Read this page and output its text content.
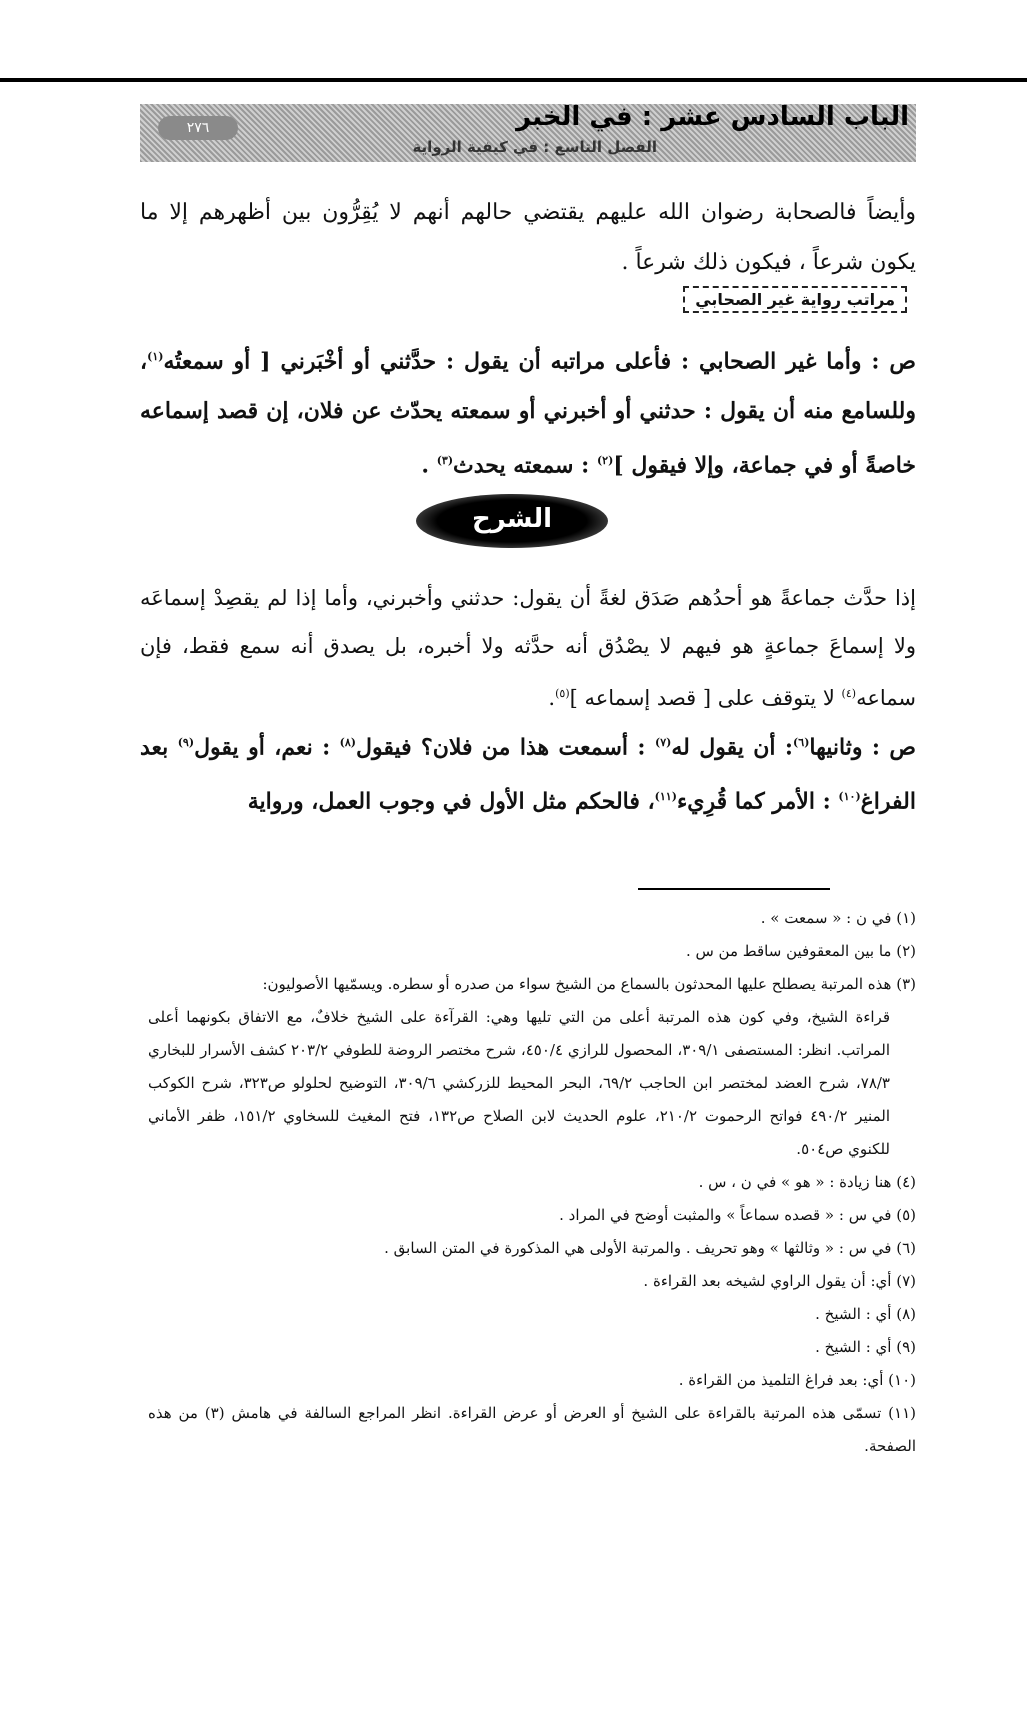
٢٧٦	الباب السادس عشر : في الخبر
الفصل التاسع : في كيفية الرواية
وأيضاً فالصحابة رضوان الله عليهم يقتضي حالهم أنهم لا يُقِرُّون بين أظهرهم إلا ما يكون شرعاً ، فيكون ذلك شرعاً .
مراتب رواية غير الصحابي
ص : وأما غير الصحابي : فأعلى مراتبه أن يقول : حدَّثني أو أخْبَرني [ أو سمعتُه$^{(١)}$، وللسامع منه أن يقول : حدثني أو أخبرني أو سمعته يحدّث عن فلان، إن قصد إسماعه خاصةً أو في جماعة، وإلا فيقول ]$^{(٢)}$ : سمعته يحدث$^{(٣)}$ .
الشرح
إذا حدَّث جماعةً هو أحدُهم صَدَق لغةً أن يقول: حدثني وأخبرني، وأما إذا لم يقصِدْ إسماعَه ولا إسماعَ جماعةٍ هو فيهم لا يصْدُق أنه حدَّثه ولا أخبره، بل يصدق أنه سمع فقط، فإن سماعه$^{(٤)}$ لا يتوقف على [ قصد إسماعه ]$^{(٥)}$.
ص : وثانيها$^{(٦)}$: أن يقول له$^{(٧)}$ : أسمعت هذا من فلان؟ فيقول$^{(٨)}$ : نعم، أو يقول$^{(٩)}$ بعد الفراغ$^{(١٠)}$ : الأمر كما قُرِيء$^{(١١)}$، فالحكم مثل الأول في وجوب العمل، ورواية

(١) في ن : « سمعت » .

(٢) ما بين المعقوفين ساقط من س .

(٣) هذه المرتبة يصطلح عليها المحدثون بالسماع من الشيخ سواء من صدره أو سطره. ويسمّيها الأصوليون:

قراءة الشيخ، وفي كون هذه المرتبة أعلى من التي تليها وهي: القرآءة على الشيخ خلافٌ، مع الاتفاق بكونهما أعلى المراتب. انظر: المستصفى ٣٠٩/١، المحصول للرازي ٤٥٠/٤، شرح مختصر الروضة للطوفي ٢٠٣/٢ كشف الأسرار للبخاري ٧٨/٣، شرح العضد لمختصر ابن الحاجب ٦٩/٢، البحر المحيط للزركشي ٣٠٩/٦، التوضيح لحلولو ص٣٢٣، شرح الكوكب المنير ٤٩٠/٢ فواتح الرحموت ٢١٠/٢، علوم الحديث لابن الصلاح ص١٣٢، فتح المغيث للسخاوي ١٥١/٢، ظفر الأماني للكنوي ص٥٠٤.

(٤) هنا زيادة : « هو » في ن ، س .

(٥) في س : « قصده سماعاً » والمثبت أوضح في المراد .

(٦) في س : « وثالثها » وهو تحريف . والمرتبة الأولى هي المذكورة في المتن السابق .

(٧) أي: أن يقول الراوي لشيخه بعد القراءة .

(٨) أي : الشيخ .

(٩) أي : الشيخ .

(١٠) أي: بعد فراغ التلميذ من القراءة .

(١١) تسمّى هذه المرتبة بالقراءة على الشيخ أو العرض أو عرض القراءة. انظر المراجع السالفة في هامش (٣) من هذه الصفحة.
